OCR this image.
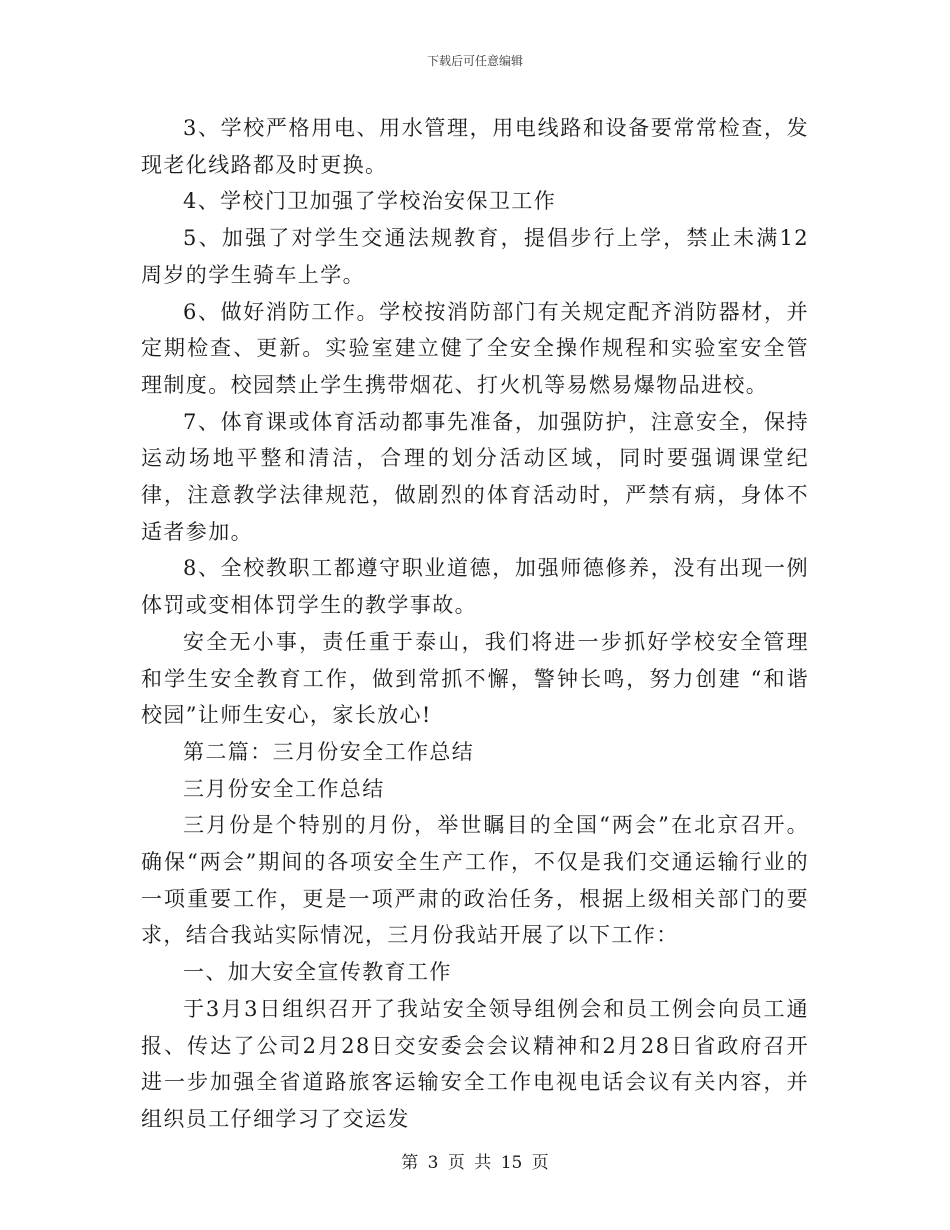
下载后可任意编辑

3、学校严格用电、用水管理，用电线路和设备要常常检查，发现老化线路都及时更换。

4、学校门卫加强了学校治安保卫工作

5、加强了对学生交通法规教育，提倡步行上学，禁止未满12周岁的学生骑车上学。

6、做好消防工作。学校按消防部门有关规定配齐消防器材，并定期检查、更新。实验室建立健了全安全操作规程和实验室安全管理制度。校园禁止学生携带烟花、打火机等易燃易爆物品进校。

7、体育课或体育活动都事先准备，加强防护，注意安全，保持运动场地平整和清洁，合理的划分活动区域，同时要强调课堂纪律，注意教学法律规范，做剧烈的体育活动时，严禁有病，身体不适者参加。

8、全校教职工都遵守职业道德，加强师德修养，没有出现一例体罚或变相体罚学生的教学事故。

安全无小事，责任重于泰山，我们将进一步抓好学校安全管理和学生安全教育工作，做到常抓不懈，警钟长鸣，努力创建 “和谐校园”让师生安心，家长放心!

第二篇：三月份安全工作总结

三月份安全工作总结

三月份是个特别的月份，举世瞩目的全国“两会”在北京召开。确保“两会”期间的各项安全生产工作，不仅是我们交通运输行业的一项重要工作，更是一项严肃的政治任务，根据上级相关部门的要求，结合我站实际情况，三月份我站开展了以下工作：

一、加大安全宣传教育工作

于3月3日组织召开了我站安全领导组例会和员工例会向员工通报、传达了公司2月28日交安委会会议精神和2月28日省政府召开进一步加强全省道路旅客运输安全工作电视电话会议有关内容，并组织员工仔细学习了交运发

第 3 页 共 15 页
